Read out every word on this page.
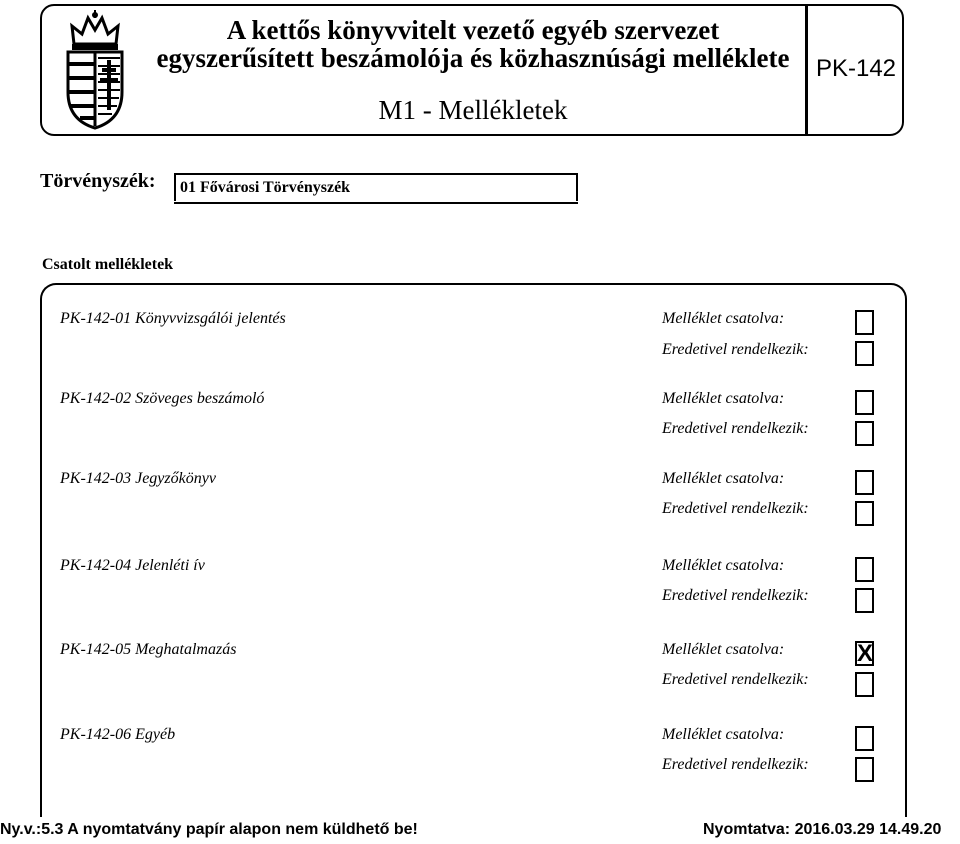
A kettős könyvvitelt vezető egyéb szervezet
egyszerűsített beszámolója és közhasznúsági melléklete
M1 - Mellékletek
PK-142
Törvényszék: 01 Fővárosi Törvényszék
Csatolt mellékletek
PK-142-01 Könyvvizsgálói jelentés	Melléklet csatolva:
Eredetivel rendelkezik:
PK-142-02 Szöveges beszámoló	Melléklet csatolva:
Eredetivel rendelkezik:
PK-142-03 Jegyzőkönyv	Melléklet csatolva:
Eredetivel rendelkezik:
PK-142-04 Jelenléti ív	Melléklet csatolva:
Eredetivel rendelkezik:
PK-142-05 Meghatalmazás	Melléklet csatolva:	X
Eredetivel rendelkezik:
PK-142-06 Egyéb	Melléklet csatolva:
Eredetivel rendelkezik:
Ny.v.:5.3 A nyomtatvány papír alapon nem küldhető be!	Nyomtatva: 2016.03.29 14.49.20
